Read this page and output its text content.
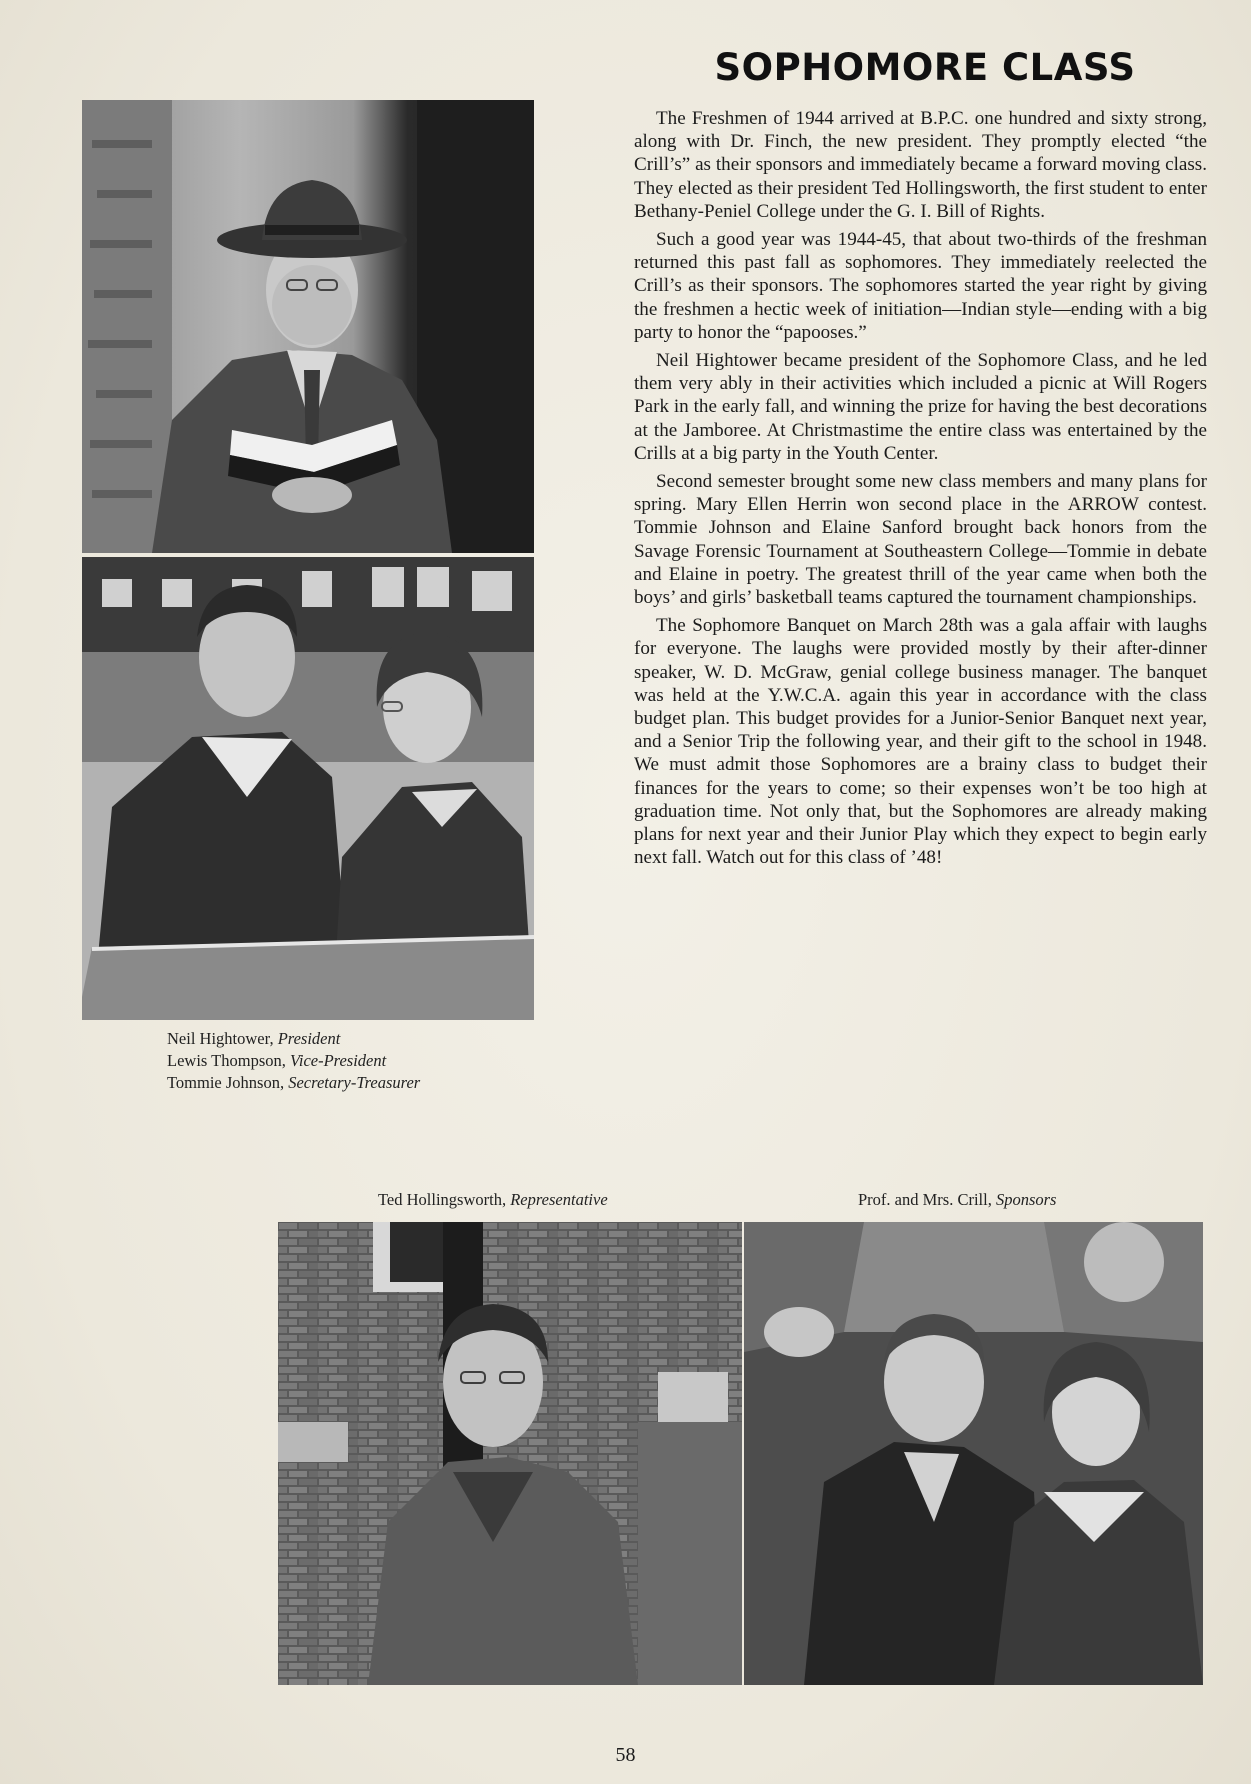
SOPHOMORE CLASS

The Freshmen of 1944 arrived at B.P.C. one hundred and sixty strong, along with Dr. Finch, the new president. They promptly elected “the Crill’s” as their sponsors and immediately became a forward moving class. They elected as their president Ted Hollingsworth, the first student to enter Bethany-Peniel College under the G. I. Bill of Rights.

Such a good year was 1944-45, that about two-thirds of the freshman returned this past fall as sophomores. They immediately reelected the Crill’s as their sponsors. The sophomores started the year right by giving the freshmen a hectic week of initiation—Indian style—ending with a big party to honor the “papooses.”

Neil Hightower became president of the Sophomore Class, and he led them very ably in their activities which included a picnic at Will Rogers Park in the early fall, and winning the prize for having the best decorations at the Jamboree. At Christmastime the entire class was entertained by the Crills at a big party in the Youth Center.

Second semester brought some new class members and many plans for spring. Mary Ellen Herrin won second place in the ARROW contest. Tommie Johnson and Elaine Sanford brought back honors from the Savage Forensic Tournament at Southeastern College—Tommie in debate and Elaine in poetry. The greatest thrill of the year came when both the boys’ and girls’ basketball teams captured the tournament championships.

The Sophomore Banquet on March 28th was a gala affair with laughs for everyone. The laughs were provided mostly by their after-dinner speaker, W. D. McGraw, genial college business manager. The banquet was held at the Y.W.C.A. again this year in accordance with the class budget plan. This budget provides for a Junior-Senior Banquet next year, and a Senior Trip the following year, and their gift to the school in 1948. We must admit those Sophomores are a brainy class to budget their finances for the years to come; so their expenses won’t be too high at graduation time. Not only that, but the Sophomores are already making plans for next year and their Junior Play which they expect to begin early next fall. Watch out for this class of ’48!

Neil Hightower, President
Lewis Thompson, Vice-President
Tommie Johnson, Secretary-Treasurer
Ted Hollingsworth, Representative	Prof. and Mrs. Crill, Sponsors
58
